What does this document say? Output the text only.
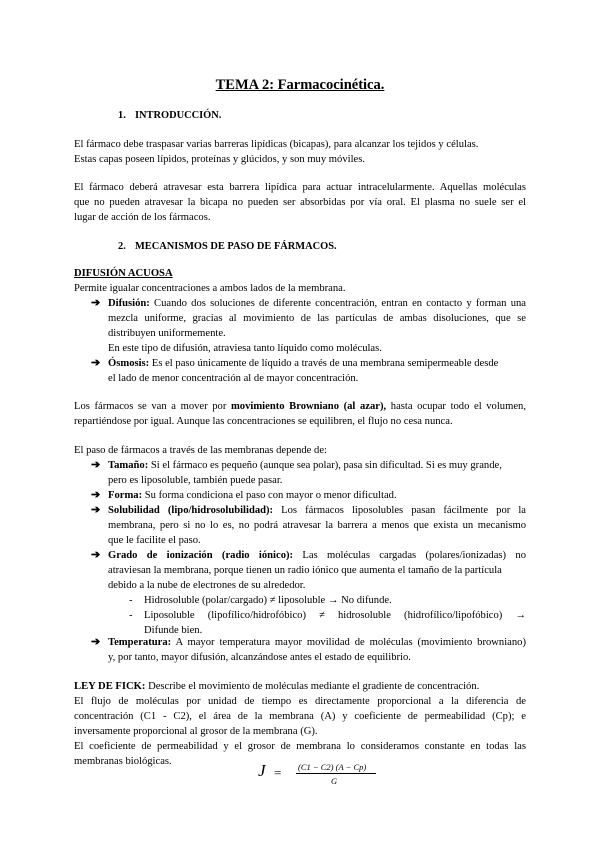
TEMA 2: Farmacocinética.
1. INTRODUCCIÓN.
El fármaco debe traspasar varias barreras lipídicas (bicapas), para alcanzar los tejidos y células.
Estas capas poseen lípidos, proteínas y glúcidos, y son muy móviles.
El fármaco deberá atravesar esta barrera lipídica para actuar intracelularmente. Aquellas moléculas
que no pueden atravesar la bicapa no pueden ser absorbidas por vía oral. El plasma no suele ser el
lugar de acción de los fármacos.
2. MECANISMOS DE PASO DE FÁRMACOS.
DIFUSIÓN ACUOSA
Permite igualar concentraciones a ambos lados de la membrana.
➔ Difusión: Cuando dos soluciones de diferente concentración, entran en contacto y forman una
mezcla uniforme, gracias al movimiento de las partículas de ambas disoluciones, que se
distribuyen uniformemente.
En este tipo de difusión, atraviesa tanto líquido como moléculas.
➔ Ósmosis: Es el paso únicamente de líquido a través de una membrana semipermeable desde
el lado de menor concentración al de mayor concentración.
Los fármacos se van a mover por movimiento Browniano (al azar), hasta ocupar todo el volumen,
repartiéndose por igual. Aunque las concentraciones se equilibren, el flujo no cesa nunca.
El paso de fármacos a través de las membranas depende de:
➔ Tamaño: Si el fármaco es pequeño (aunque sea polar), pasa sin dificultad. Si es muy grande,
pero es liposoluble, también puede pasar.
➔ Forma: Su forma condiciona el paso con mayor o menor dificultad.
➔ Solubilidad (lipo/hidrosolubilidad): Los fármacos liposolubles pasan fácilmente por la
membrana, pero si no lo es, no podrá atravesar la barrera a menos que exista un mecanismo
que le facilite el paso.
➔ Grado de ionización (radio iónico): Las moléculas cargadas (polares/ionizadas) no
atraviesan la membrana, porque tienen un radio iónico que aumenta el tamaño de la partícula
debido a la nube de electrones de su alrededor.
- Hidrosoluble (polar/cargado) ≠ liposoluble → No difunde.
- Liposoluble (lipofílico/hidrofóbico) ≠ hidrosoluble (hidrofílico/lipofóbico) →
Difunde bien.
➔ Temperatura: A mayor temperatura mayor movilidad de moléculas (movimiento browniano)
y, por tanto, mayor difusión, alcanzándose antes el estado de equilibrio.
LEY DE FICK: Describe el movimiento de moléculas mediante el gradiente de concentración.
El flujo de moléculas por unidad de tiempo es directamente proporcional a la diferencia de
concentración (C1 - C2), el área de la membrana (A) y coeficiente de permeabilidad (Cp); e
inversamente proporcional al grosor de la membrana (G).
El coeficiente de permeabilidad y el grosor de membrana lo consideramos constante en todas las
membranas biológicas.	J = (C1 − C2) (A − Cp)
G
